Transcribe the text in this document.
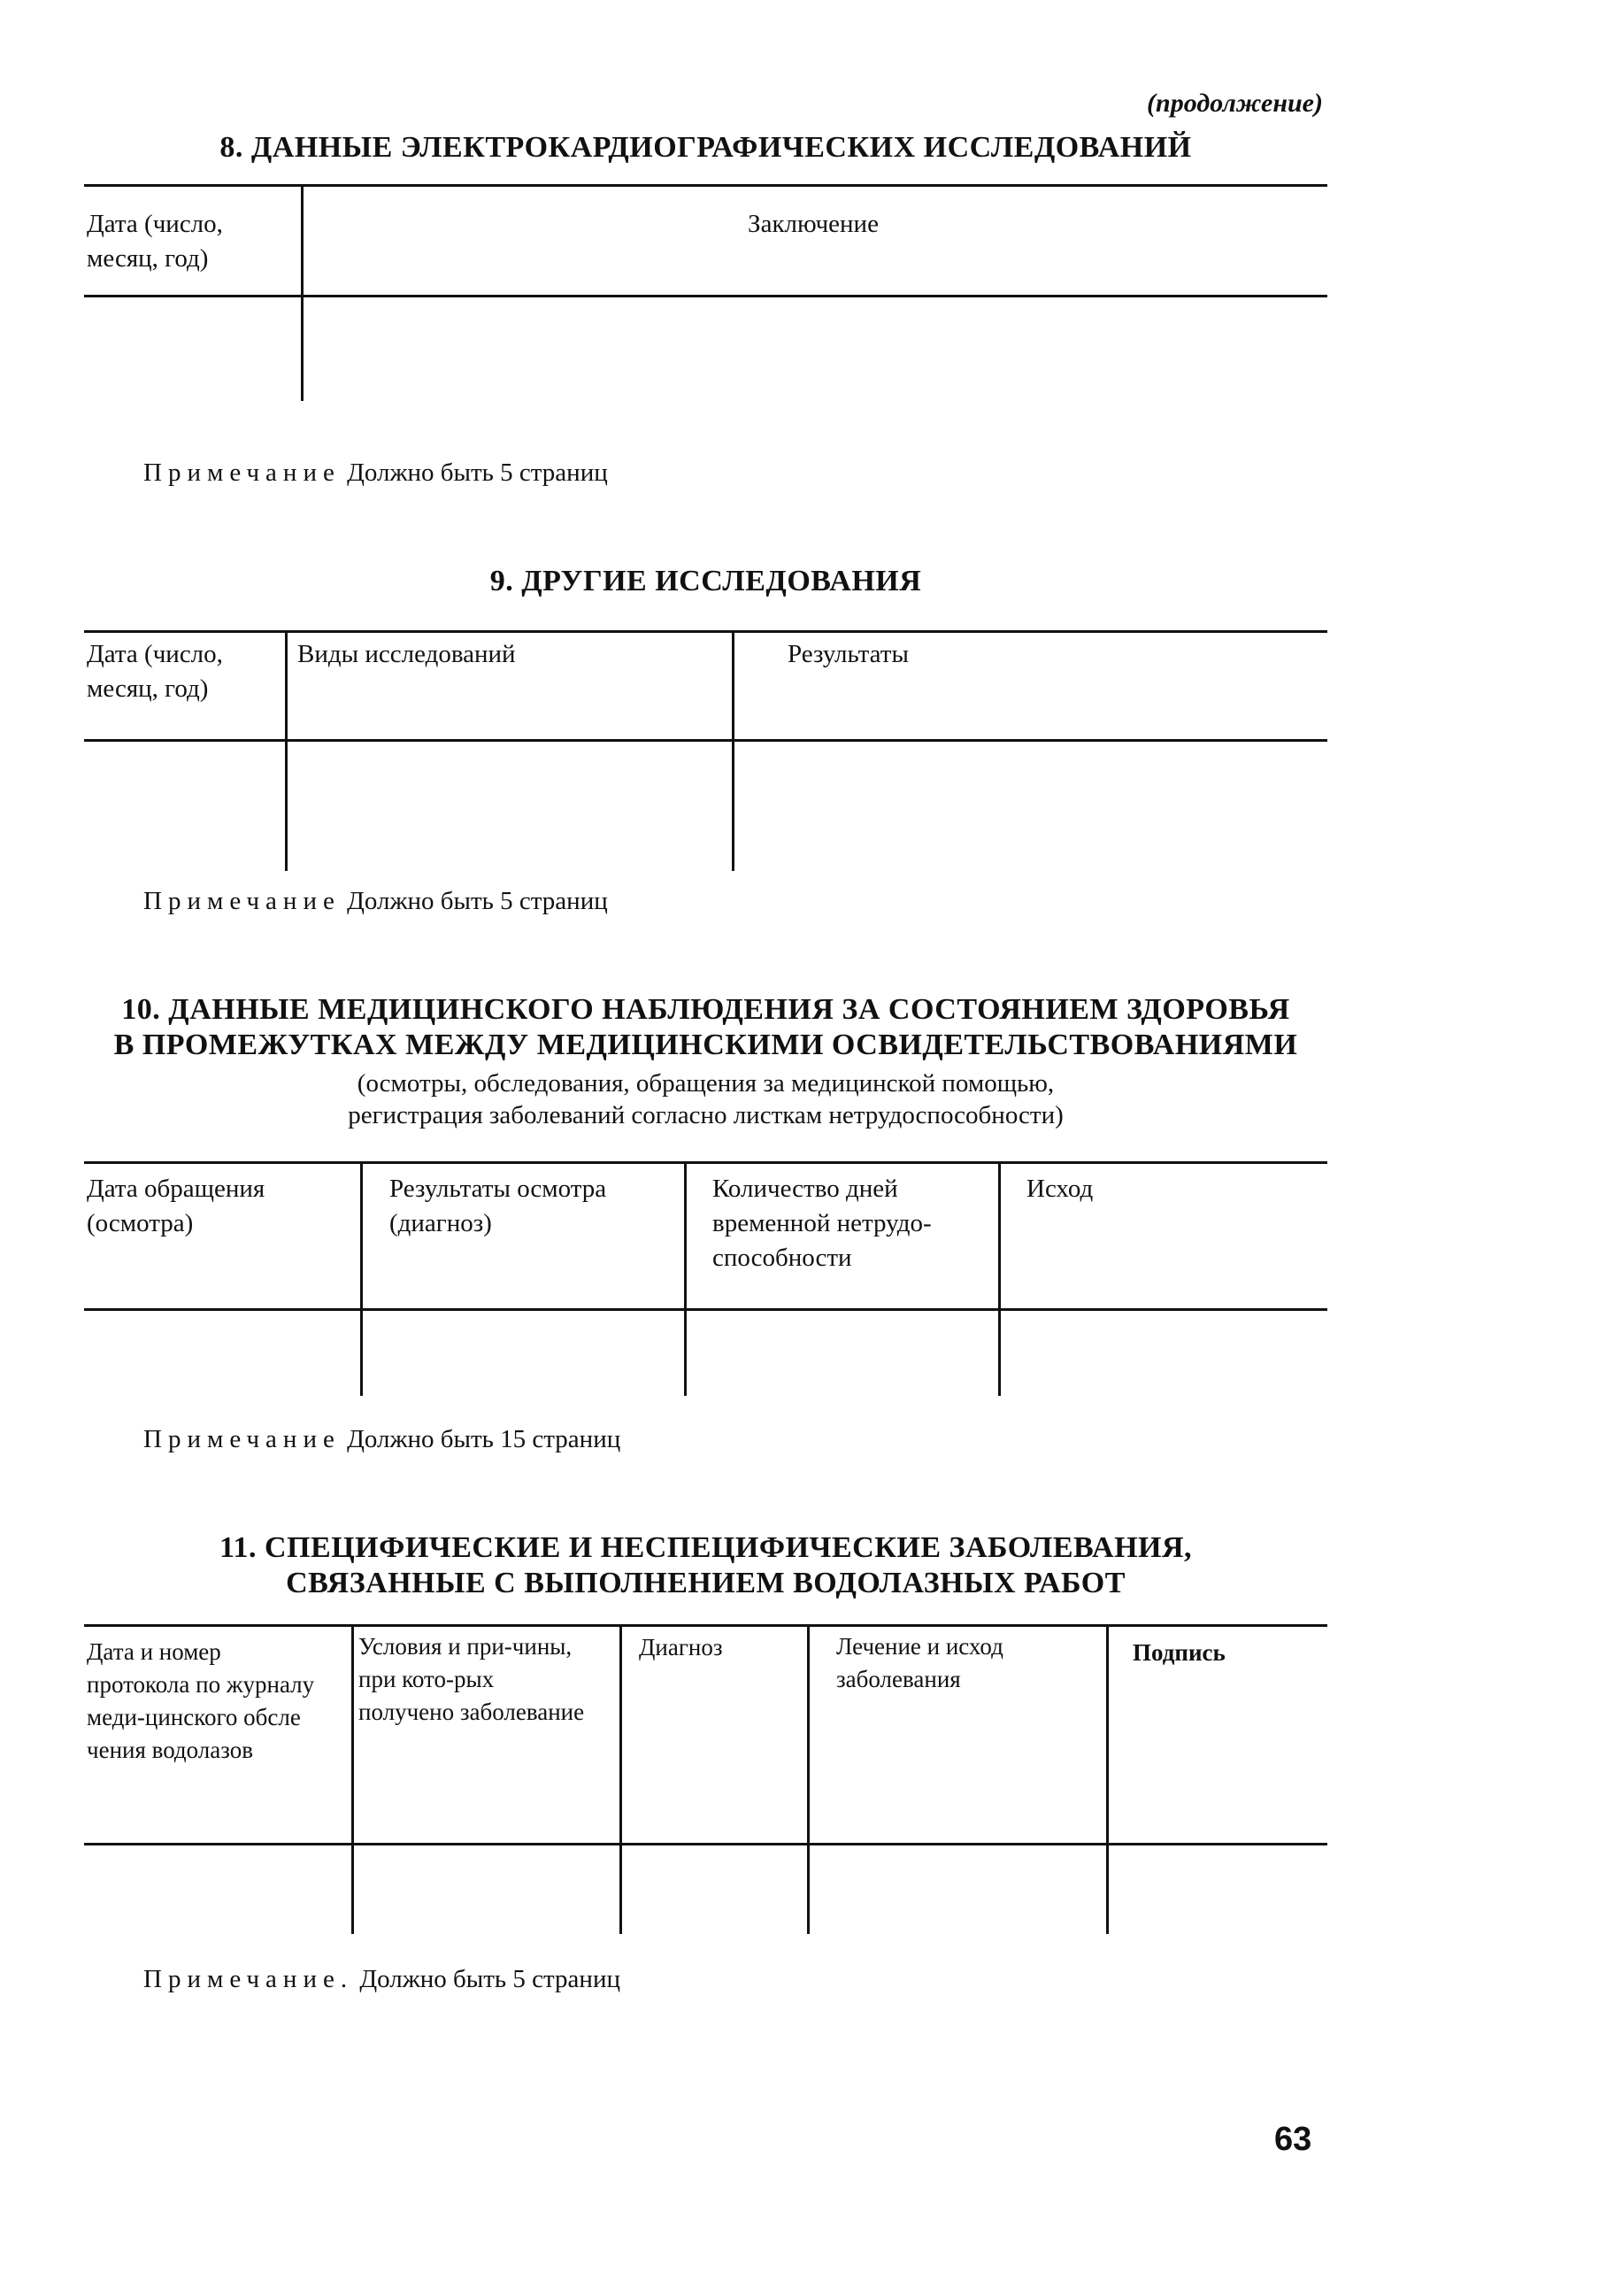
(продолжение)
8. ДАННЫЕ ЭЛЕКТРОКАРДИОГРАФИЧЕСКИХ ИССЛЕДОВАНИЙ
Дата (число, месяц, год)
Заключение
Примечание Должно быть 5 страниц
9. ДРУГИЕ ИССЛЕДОВАНИЯ
Дата (число, месяц, год)
Виды исследований	Результаты
Примечание Должно быть 5 страниц
10. ДАННЫЕ МЕДИЦИНСКОГО НАБЛЮДЕНИЯ ЗА СОСТОЯНИЕМ ЗДОРОВЬЯ
В ПРОМЕЖУТКАХ МЕЖДУ МЕДИЦИНСКИМИ ОСВИДЕТЕЛЬСТВОВАНИЯМИ
(осмотры, обследования, обращения за медицинской помощью,
регистрация заболеваний согласно листкам нетрудоспособности)
Дата обращения (осмотра)
Результаты осмотра (диагноз)
Количество дней временной нетрудо-способности
Исход
Примечание Должно быть 15 страниц
11. СПЕЦИФИЧЕСКИЕ И НЕСПЕЦИФИЧЕСКИЕ ЗАБОЛЕВАНИЯ,
СВЯЗАННЫЕ С ВЫПОЛНЕНИЕМ ВОДОЛАЗНЫХ РАБОТ
Дата и номер протокола по журналу меди-цинского обсле чения водолазов
Условия и при-чины, при кото-рых получено заболевание
Диагноз	Лечение и исход заболевания
Подпись
Примечание. Должно быть 5 страниц
63
